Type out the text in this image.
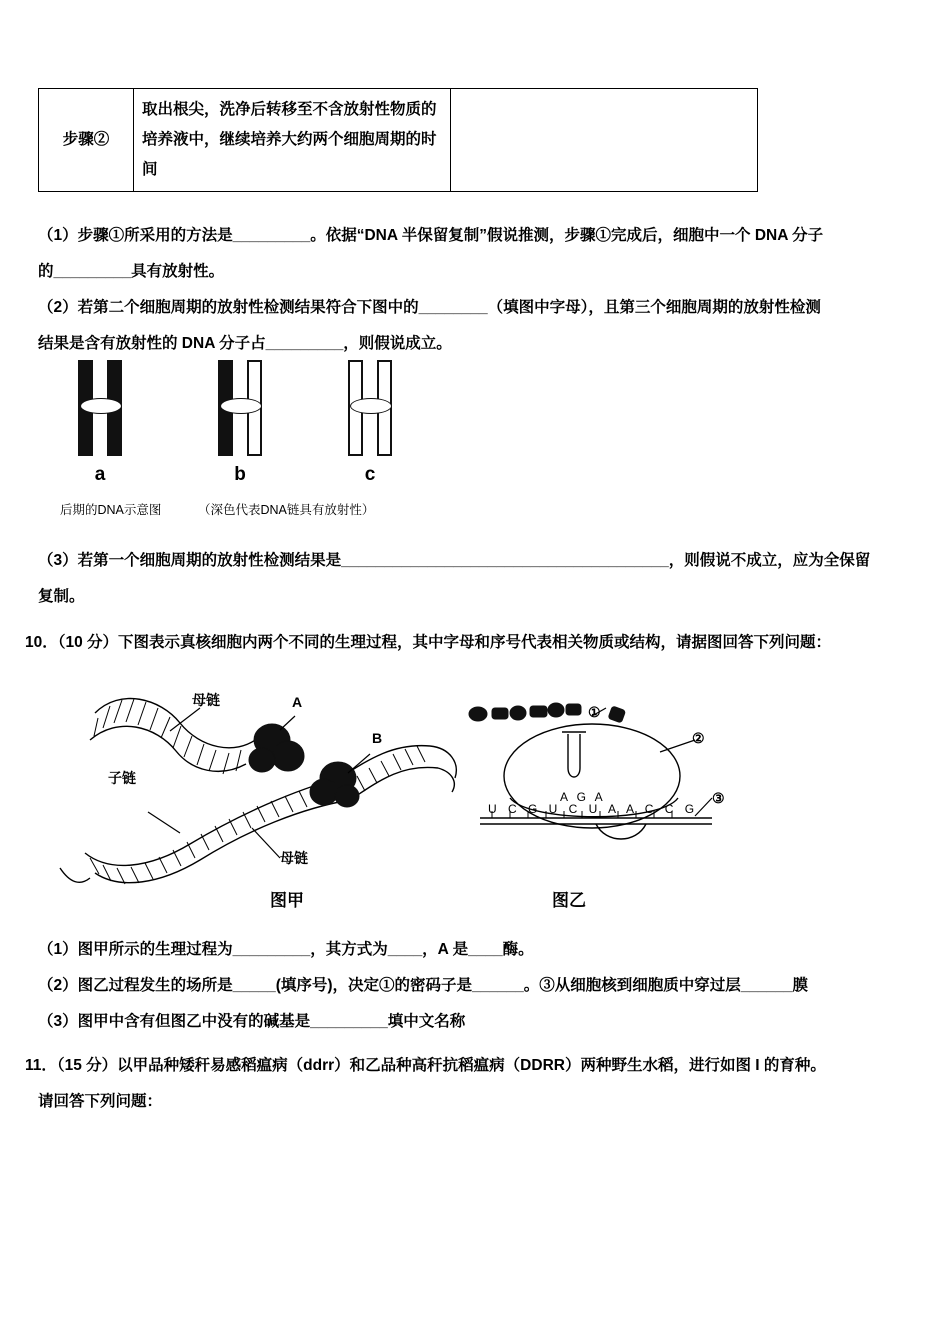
步骤②	取出根尖，洗净后转移至不含放射性物质的培养液中，继续培养大约两个细胞周期的时间	
（1）步骤①所采用的方法是_________。依据“DNA 半保留复制”假说推测，步骤①完成后，细胞中一个 DNA 分子
的_________具有放射性。
（2）若第二个细胞周期的放射性检测结果符合下图中的________（填图中字母），且第三个细胞周期的放射性检测
结果是含有放射性的 DNA 分子占_________，则假说成立。
a	b	c
后期的DNA示意图	（深色代表DNA链具有放射性）
（3）若第一个细胞周期的放射性检测结果是______________________________________，则假说不成立，应为全保留
复制。
10．（10 分）下图表示真核细胞内两个不同的生理过程，其中字母和序号代表相关物质或结构，请据图回答下列问题：
母链	A
B
子链
母链
①
②
③
A G A
U C G U C U A A C C G
图甲	图乙
（1）图甲所示的生理过程为_________，其方式为____，A 是____酶。
（2）图乙过程发生的场所是_____(填序号)，决定①的密码子是______。③从细胞核到细胞质中穿过层______膜
（3）图甲中含有但图乙中没有的碱基是_________填中文名称
11．（15 分）以甲品种矮秆易感稻瘟病（ddrr）和乙品种高秆抗稻瘟病（DDRR）两种野生水稻，进行如图 I 的育种。
请回答下列问题：
